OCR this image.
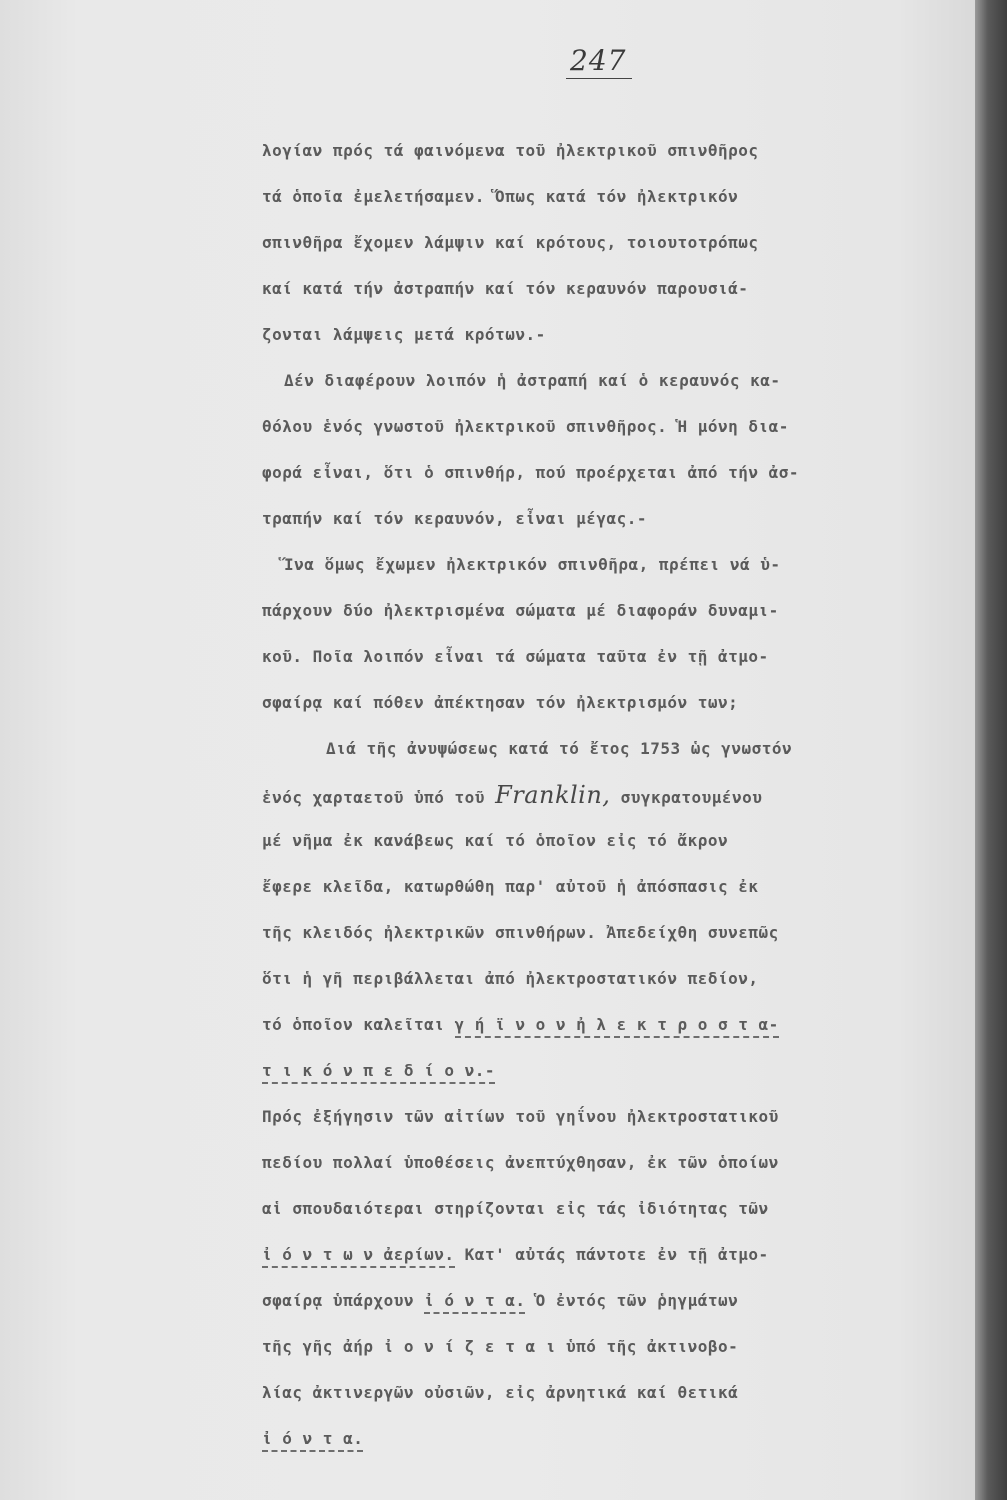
247
λογίαν πρός τά φαινόμενα τοῦ ἠλεκτρικοῦ σπινθῆρος
τά ὁποῖα ἐμελετήσαμεν. Ὅπως κατά τόν ἠλεκτρικόν
σπινθῆρα ἔχομεν λάμψιν καί κρότους, τοιουτοτρόπως
καί κατά τήν ἀστραπήν καί τόν κεραυνόν παρουσιά-
ζονται λάμψεις μετά κρότων.-
Δέν διαφέρουν λοιπόν ἡ ἀστραπή καί ὁ κεραυνός κα-
θόλου ἑνός γνωστοῦ ἠλεκτρικοῦ σπινθῆρος. Ἡ μόνη δια-
φορά εἶναι, ὅτι ὁ σπινθήρ, πού προέρχεται ἀπό τήν ἀσ-
τραπήν καί τόν κεραυνόν, εἶναι μέγας.-
Ἵνα ὅμως ἔχωμεν ἠλεκτρικόν σπινθῆρα, πρέπει νά ὑ-
πάρχουν δύο ἠλεκτρισμένα σώματα μέ διαφοράν δυναμι-
κοῦ. Ποῖα λοιπόν εἶναι τά σώματα ταῦτα ἐν τῇ ἀτμο-
σφαίρᾳ καί πόθεν ἀπέκτησαν τόν ἠλεκτρισμόν των;
Διά τῆς ἀνυψώσεως κατά τό ἔτος 1753 ὡς γνωστόν
ἑνός χαρταετοῦ ὑπό τοῦ Franklin, συγκρατουμένου
μέ νῆμα ἐκ κανάβεως καί τό ὁποῖον εἰς τό ἄκρον
ἔφερε κλεῖδα, κατωρθώθη παρ' αὐτοῦ ἡ ἀπόσπασις ἐκ
τῆς κλειδός ἠλεκτρικῶν σπινθήρων. Ἀπεδείχθη συνεπῶς
ὅτι ἡ γῆ περιβάλλεται ἀπό ἠλεκτροστατικόν πεδίον,
τό ὁποῖον καλεῖται γ ή ϊ ν ο ν ἠ λ ε κ τ ρ ο σ τ α-
τ ι κ ό ν π ε δ ί ο ν.-
Πρός ἐξήγησιν τῶν αἰτίων τοῦ γηΐνου ἠλεκτροστατικοῦ
πεδίου πολλαί ὑποθέσεις ἀνεπτύχθησαν, ἐκ τῶν ὁποίων
αἱ σπουδαιότεραι στηρίζονται εἰς τάς ἰδιότητας τῶν
ἰ ό ν τ ω ν ἀερίων. Κατ' αὐτάς πάντοτε ἐν τῇ ἀτμο-
σφαίρᾳ ὑπάρχουν ἰ ό ν τ α. Ὁ ἐντός τῶν ῥηγμάτων
τῆς γῆς ἀήρ ἰ ο ν ί ζ ε τ α ι ὑπό τῆς ἀκτινοβο-
λίας ἀκτινεργῶν οὐσιῶν, εἰς ἀρνητικά καί θετικά
ἰ ό ν τ α.
